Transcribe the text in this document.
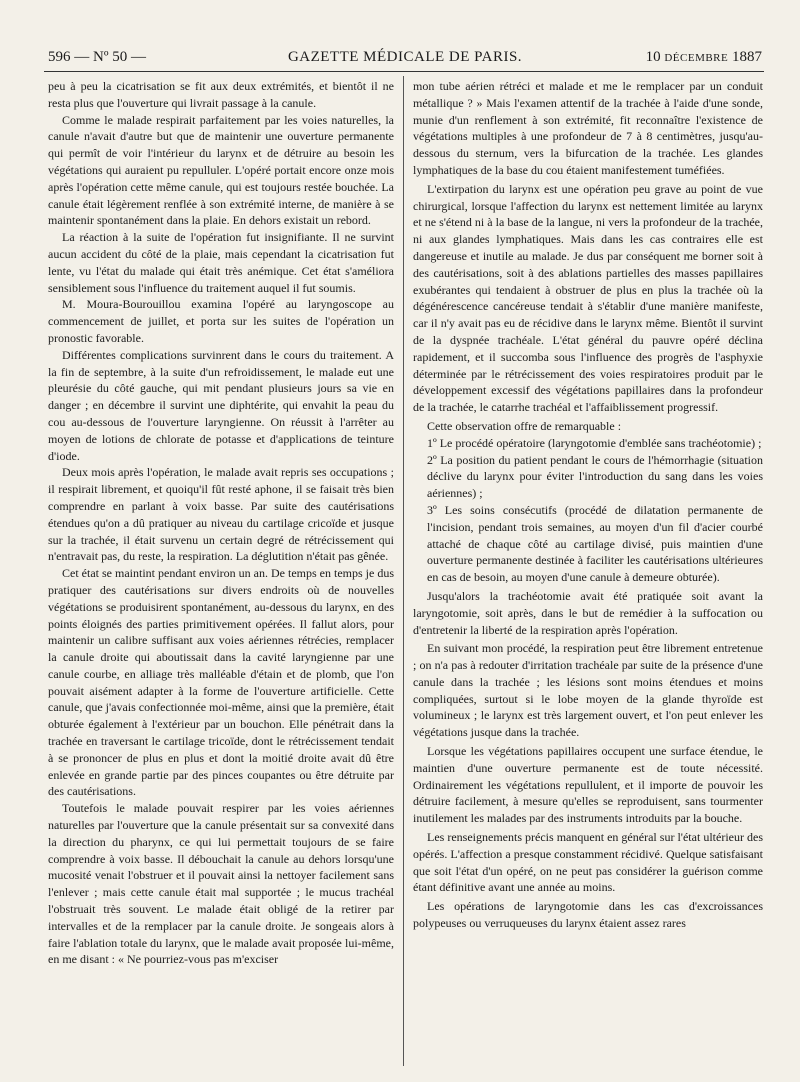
596 — Nº 50 —	GAZETTE MÉDICALE DE PARIS.	10 DÉCEMBRE 1887

peu à peu la cicatrisation se fit aux deux extrémités, et bientôt il ne resta plus que l'ouverture qui livrait passage à la canule.

Comme le malade respirait parfaitement par les voies naturelles, la canule n'avait d'autre but que de maintenir une ouverture permanente qui permît de voir l'intérieur du larynx et de détruire au besoin les végétations qui auraient pu repulluler. L'opéré portait encore onze mois après l'opération cette même canule, qui est toujours restée bouchée. La canule était légèrement renflée à son extrémité interne, de manière à se maintenir spontanément dans la plaie. En dehors existait un rebord.

La réaction à la suite de l'opération fut insignifiante. Il ne survint aucun accident du côté de la plaie, mais cependant la cicatrisation fut lente, vu l'état du malade qui était très anémique. Cet état s'améliora sensiblement sous l'influence du traitement auquel il fut soumis.

M. Moura-Bourouillou examina l'opéré au laryngoscope au commencement de juillet, et porta sur les suites de l'opération un pronostic favorable.

Différentes complications survinrent dans le cours du traitement. A la fin de septembre, à la suite d'un refroidissement, le malade eut une pleurésie du côté gauche, qui mit pendant plusieurs jours sa vie en danger ; en décembre il survint une diphtérite, qui envahit la peau du cou au-dessous de l'ouverture laryngienne. On réussit à l'arrêter au moyen de lotions de chlorate de potasse et d'applications de teinture d'iode.

Deux mois après l'opération, le malade avait repris ses occupations ; il respirait librement, et quoiqu'il fût resté aphone, il se faisait très bien comprendre en parlant à voix basse. Par suite des cautérisations étendues qu'on a dû pratiquer au niveau du cartilage cricoïde et jusque sur la trachée, il était survenu un certain degré de rétrécissement qui n'entravait pas, du reste, la respiration. La déglutition n'était pas gênée.

Cet état se maintint pendant environ un an. De temps en temps je dus pratiquer des cautérisations sur divers endroits où de nouvelles végétations se produisirent spontanément, au-dessous du larynx, en des points éloignés des parties primitivement opérées. Il fallut alors, pour maintenir un calibre suffisant aux voies aériennes rétrécies, remplacer la canule droite qui aboutissait dans la cavité laryngienne par une canule courbe, en alliage très malléable d'étain et de plomb, que l'on pouvait aisément adapter à la forme de l'ouverture artificielle. Cette canule, que j'avais confectionnée moi-même, ainsi que la première, était obturée également à l'extérieur par un bouchon. Elle pénétrait dans la trachée en traversant le cartilage tricoïde, dont le rétrécissement tendait à se prononcer de plus en plus et dont la moitié droite avait dû être enlevée en grande partie par des pinces coupantes ou être détruite par des cautérisations.

Toutefois le malade pouvait respirer par les voies aériennes naturelles par l'ouverture que la canule présentait sur sa convexité dans la direction du pharynx, ce qui lui permettait toujours de se faire comprendre à voix basse. Il débouchait la canule au dehors lorsqu'une mucosité venait l'obstruer et il pouvait ainsi la nettoyer facilement sans l'enlever ; mais cette canule était mal supportée ; le mucus trachéal l'obstruait très souvent. Le malade était obligé de la retirer par intervalles et de la remplacer par la canule droite. Je songeais alors à faire l'ablation totale du larynx, que le malade avait proposée lui-même, en me disant : « Ne pourriez-vous pas m'exciser

mon tube aérien rétréci et malade et me le remplacer par un conduit métallique ? » Mais l'examen attentif de la trachée à l'aide d'une sonde, munie d'un renflement à son extrémité, fit reconnaître l'existence de végétations multiples à une profondeur de 7 à 8 centimètres, jusqu'au-dessous du sternum, vers la bifurcation de la trachée. Les glandes lymphatiques de la base du cou étaient manifestement tuméfiées.

L'extirpation du larynx est une opération peu grave au point de vue chirurgical, lorsque l'affection du larynx est nettement limitée au larynx et ne s'étend ni à la base de la langue, ni vers la profondeur de la trachée, ni aux glandes lymphatiques. Mais dans les cas contraires elle est dangereuse et inutile au malade. Je dus par conséquent me borner soit à des cautérisations, soit à des ablations partielles des masses papillaires exubérantes qui tendaient à obstruer de plus en plus la trachée où la dégénérescence cancéreuse tendait à s'établir d'une manière manifeste, car il n'y avait pas eu de récidive dans le larynx même. Bientôt il survint de la dyspnée trachéale. L'état général du pauvre opéré déclina rapidement, et il succomba sous l'influence des progrès de l'asphyxie déterminée par le rétrécissement des voies respiratoires produit par le développement excessif des végétations papillaires dans la profondeur de la trachée, le catarrhe trachéal et l'affaiblissement progressif.

Cette observation offre de remarquable :

1º Le procédé opératoire (laryngotomie d'emblée sans trachéotomie) ;

2º La position du patient pendant le cours de l'hémorrhagie (situation déclive du larynx pour éviter l'introduction du sang dans les voies aériennes) ;

3º Les soins consécutifs (procédé de dilatation permanente de l'incision, pendant trois semaines, au moyen d'un fil d'acier courbé attaché de chaque côté au cartilage divisé, puis maintien d'une ouverture permanente destinée à faciliter les cautérisations ultérieures en cas de besoin, au moyen d'une canule à demeure obturée).

Jusqu'alors la trachéotomie avait été pratiquée soit avant la laryngotomie, soit après, dans le but de remédier à la suffocation ou d'entretenir la liberté de la respiration après l'opération.

En suivant mon procédé, la respiration peut être librement entretenue ; on n'a pas à redouter d'irritation trachéale par suite de la présence d'une canule dans la trachée ; les lésions sont moins étendues et moins compliquées, surtout si le lobe moyen de la glande thyroïde est volumineux ; le larynx est très largement ouvert, et l'on peut enlever les végétations jusque dans la trachée.

Lorsque les végétations papillaires occupent une surface étendue, le maintien d'une ouverture permanente est de toute nécessité. Ordinairement les végétations repullulent, et il importe de pouvoir les détruire facilement, à mesure qu'elles se reproduisent, sans tourmenter inutilement les malades par des instruments introduits par la bouche.

Les renseignements précis manquent en général sur l'état ultérieur des opérés. L'affection a presque constamment récidivé. Quelque satisfaisant que soit l'état d'un opéré, on ne peut pas considérer la guérison comme étant définitive avant une année au moins.

Les opérations de laryngotomie dans les cas d'excroissances polypeuses ou verruqueuses du larynx étaient assez rares
